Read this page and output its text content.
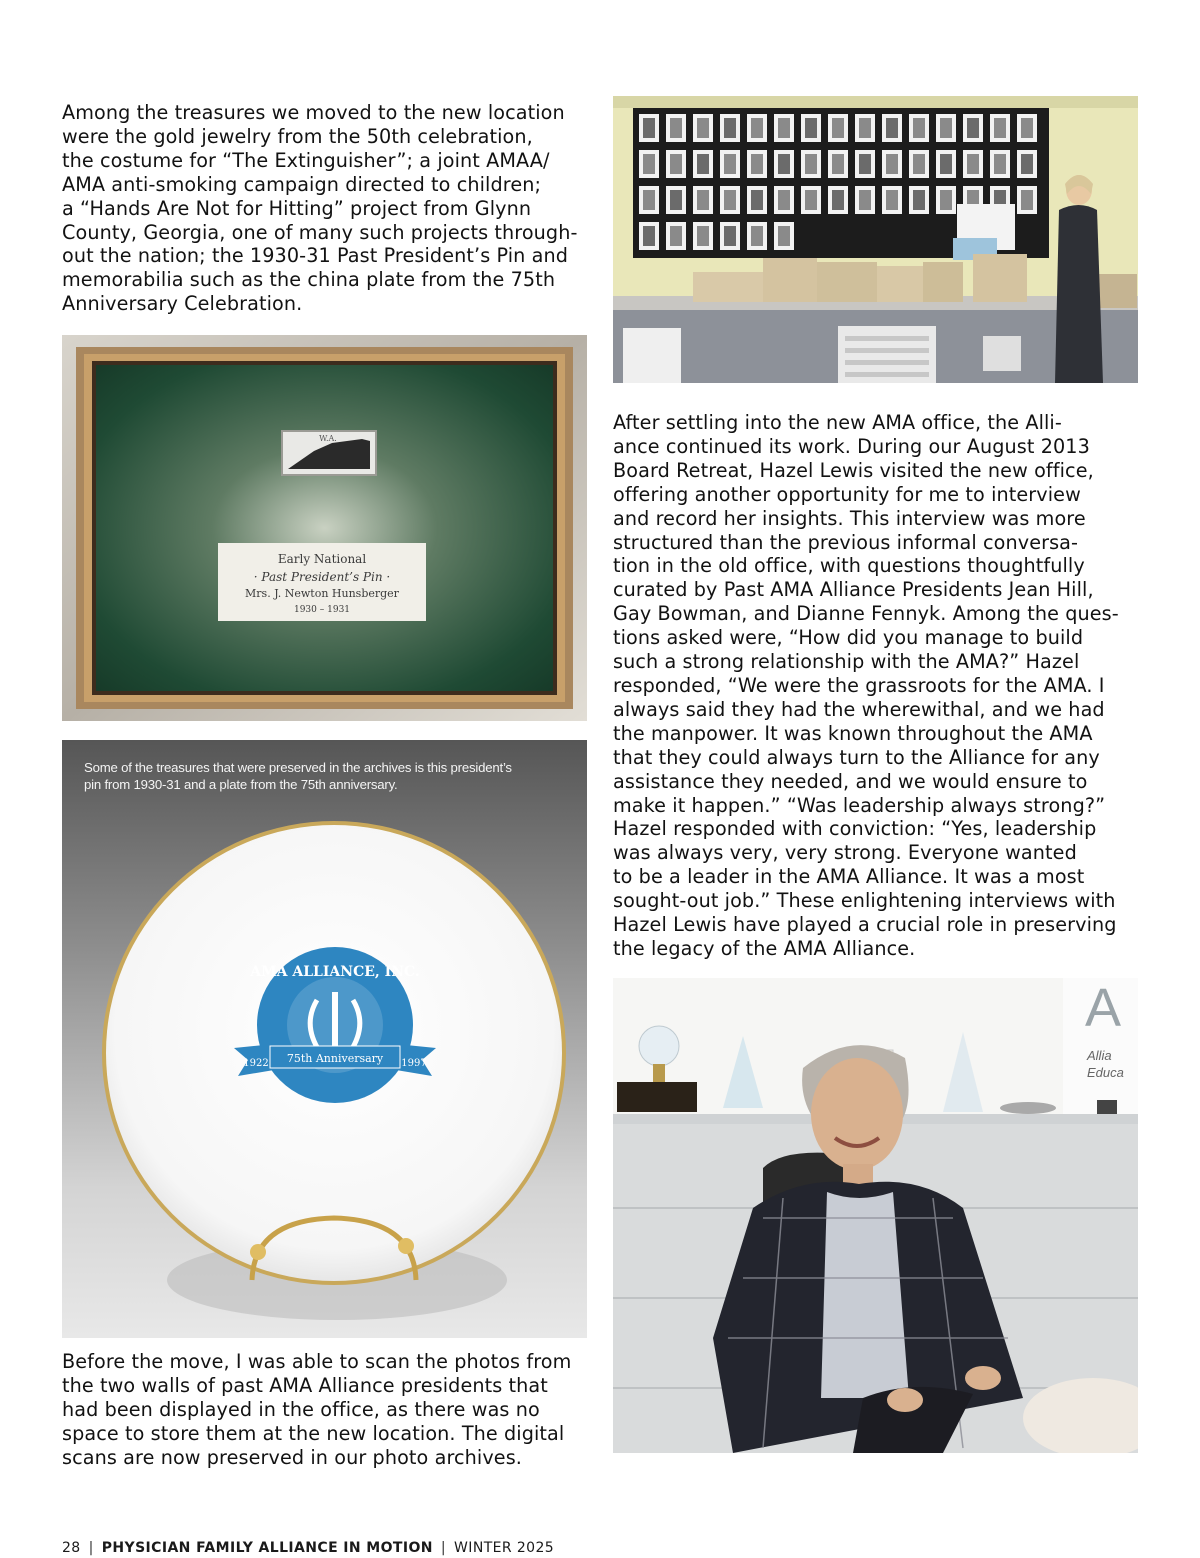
Among the treasures we moved to the new location
were the gold jewelry from the 50th celebration,
the costume for “The Extinguisher”; a joint AMAA/
AMA anti-smoking campaign directed to children;
a “Hands Are Not for Hitting” project from Glynn
County, Georgia, one of many such projects through-
out the nation; the 1930-31 Past President’s Pin and
memorabilia such as the china plate from the 75th
Anniversary Celebration.
W.A.
Early National
· Past President’s Pin ·
Mrs. J. Newton Hunsberger
1930 – 1931
AMA ALLIANCE, INC.
1922 75th Anniversary 1997
Some of the treasures that were preserved in the archives is this president’s
pin from 1930-31 and a plate from the 75th anniversary.
Before the move, I was able to scan the photos from
the two walls of past AMA Alliance presidents that
had been displayed in the office, as there was no
space to store them at the new location. The digital
scans are now preserved in our photo archives.
After settling into the new AMA office, the Alli-
ance continued its work. During our August 2013
Board Retreat, Hazel Lewis visited the new office,
offering another opportunity for me to interview
and record her insights. This interview was more
structured than the previous informal conversa-
tion in the old office, with questions thoughtfully
curated by Past AMA Alliance Presidents Jean Hill,
Gay Bowman, and Dianne Fennyk. Among the ques-
tions asked were, “How did you manage to build
such a strong relationship with the AMA?” Hazel
responded, “We were the grassroots for the AMA. I
always said they had the wherewithal, and we had
the manpower. It was known throughout the AMA
that they could always turn to the Alliance for any
assistance they needed, and we would ensure to
make it happen.” “Was leadership always strong?”
Hazel responded with conviction: “Yes, leadership
was always very, very strong. Everyone wanted
to be a leader in the AMA Alliance. It was a most
sought-out job.” These enlightening interviews with
Hazel Lewis have played a crucial role in preserving
the legacy of the AMA Alliance.
A
Allia
Educa
28 | PHYSICIAN FAMILY ALLIANCE IN MOTION | WINTER 2025
